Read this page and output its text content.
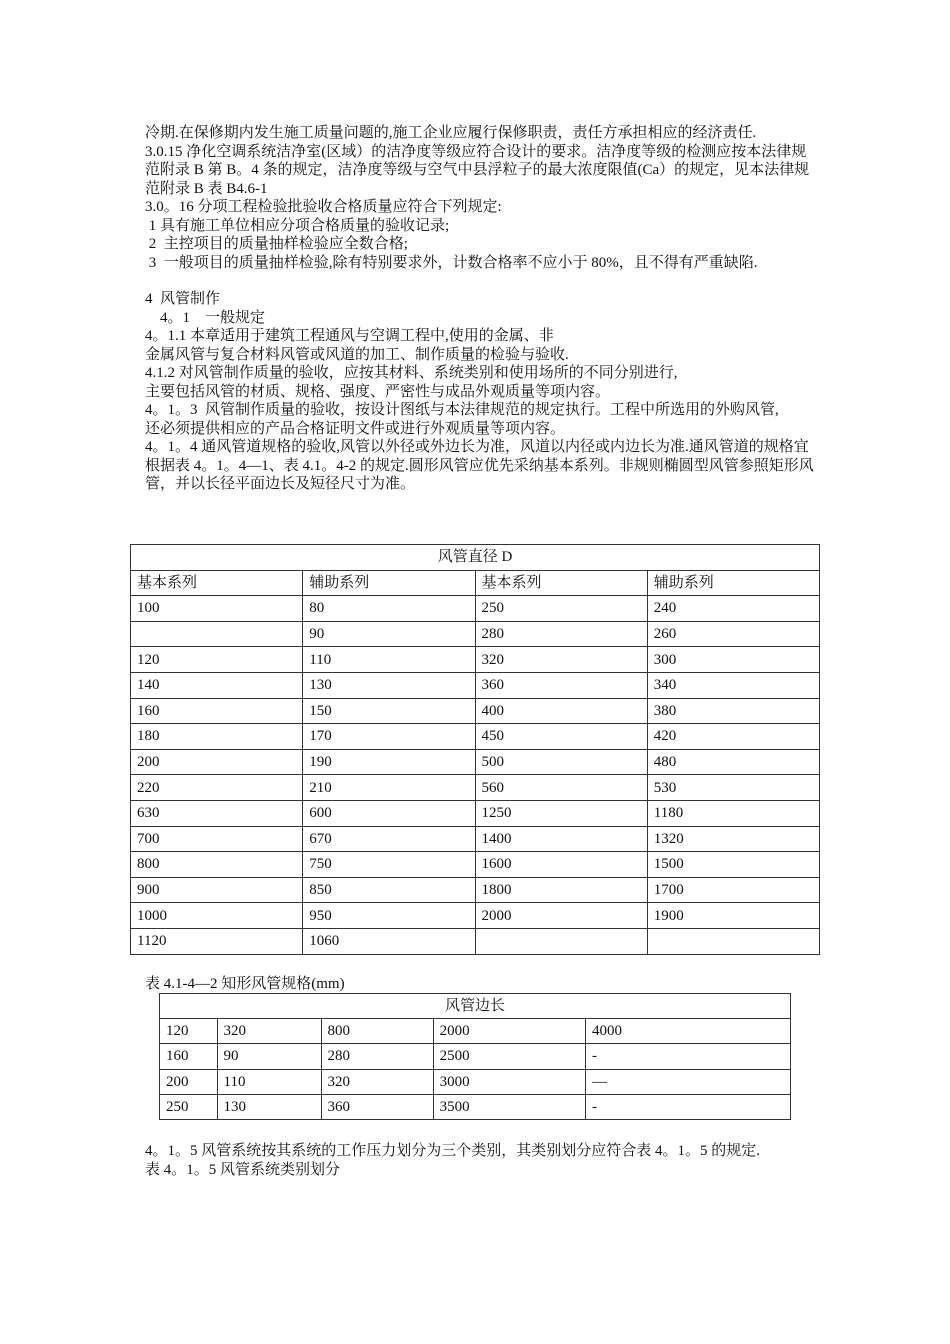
冷期.在保修期内发生施工质量问题的,施工企业应履行保修职责，责任方承担相应的经济责任.

3.0.15 净化空调系统洁净室(区域）的洁净度等级应符合设计的要求。洁净度等级的检测应按本法律规范附录 B 第 B。4 条的规定，洁净度等级与空气中县浮粒子的最大浓度限值(Ca）的规定，见本法律规范附录 B 表 B4.6-1

3.0。16 分项工程检验批验收合格质量应符合下列规定:

1 具有施工单位相应分项合格质量的验收记录;

2  主控项目的质量抽样检验应全数合格;

3  一般项目的质量抽样检验,除有特别要求外，计数合格率不应小于 80%，且不得有严重缺陷.

4  风管制作

4。1    一般规定

4。1.1 本章适用于建筑工程通风与空调工程中,使用的金属、非

金属风管与复合材料风管或风道的加工、制作质量的检验与验收.

4.1.2 对风管制作质量的验收，应按其材料、系统类别和使用场所的不同分别进行,

主要包括风管的材质、规格、强度、严密性与成品外观质量等项内容。

4。1。3  风管制作质量的验收，按设计图纸与本法律规范的规定执行。工程中所选用的外购风管,

还必须提供相应的产品合格证明文件或进行外观质量等项内容。

4。1。4 通风管道规格的验收,风管以外径或外边长为准，风道以内径或内边长为准.通风管道的规格宜根据表 4。1。4—1、表 4.1。4-2 的规定.圆形风管应优先采纳基本系列。非规则椭圆型风管参照矩形风管，并以长径平面边长及短径尺寸为准。

风管直径 D			
基本系列	辅助系列	基本系列	辅助系列
100	80	250	240
	90	280	260
120	110	320	300
140	130	360	340
160	150	400	380
180	170	450	420
200	190	500	480
220	210	560	530
630	600	1250	1180
700	670	1400	1320
800	750	1600	1500
900	850	1800	1700
1000	950	2000	1900
1120	1060		
表 4.1-4—2 知形风管规格(mm)
风管边长				
120	320	800	2000	4000
160	90	280	2500	-
200	110	320	3000	—
250	130	360	3500	-

4。1。5 风管系统按其系统的工作压力划分为三个类别，其类别划分应符合表 4。1。5 的规定.

表 4。1。5 风管系统类别划分
